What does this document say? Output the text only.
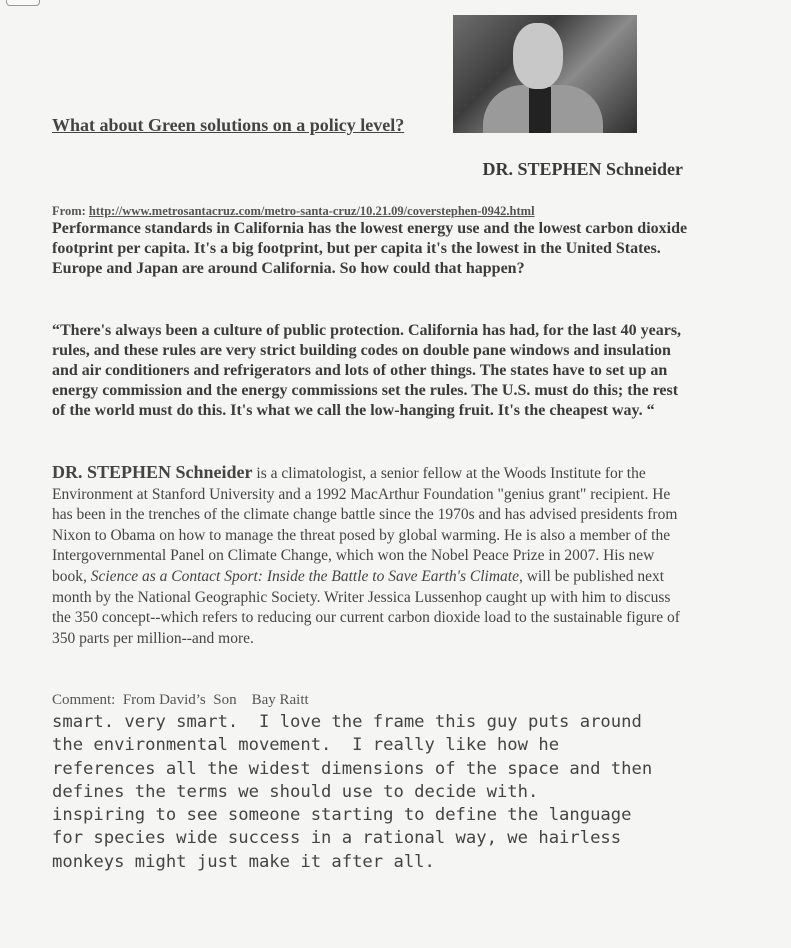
What about Green solutions on a policy level?
DR. STEPHEN Schneider
From: http://www.metrosantacruz.com/metro-santa-cruz/10.21.09/coverstephen-0942.html
Performance standards in California has the lowest energy use and the lowest carbon dioxide footprint per capita. It's a big footprint, but per capita it's the lowest in the United States. Europe and Japan are around California. So how could that happen?
“There's always been a culture of public protection. California has had, for the last 40 years, rules, and these rules are very strict building codes on double pane windows and insulation and air conditioners and refrigerators and lots of other things. The states have to set up an energy commission and the energy commissions set the rules. The U.S. must do this; the rest of the world must do this. It's what we call the low-hanging fruit. It's the cheapest way. “
DR. STEPHEN Schneider is a climatologist, a senior fellow at the Woods Institute for the Environment at Stanford University and a 1992 MacArthur Foundation "genius grant" recipient. He has been in the trenches of the climate change battle since the 1970s and has advised presidents from Nixon to Obama on how to manage the threat posed by global warming. He is also a member of the Intergovernmental Panel on Climate Change, which won the Nobel Peace Prize in 2007. His new book, Science as a Contact Sport: Inside the Battle to Save Earth's Climate, will be published next month by the National Geographic Society. Writer Jessica Lussenhop caught up with him to discuss the 350 concept--which refers to reducing our current carbon dioxide load to the sustainable figure of 350 parts per million--and more.
Comment:  From David’s  Son    Bay Raitt
smart. very smart.  I love the frame this guy puts around
the environmental movement.  I really like how he
references all the widest dimensions of the space and then
defines the terms we should use to decide with.
inspiring to see someone starting to define the language
for species wide success in a rational way, we hairless
monkeys might just make it after all.
